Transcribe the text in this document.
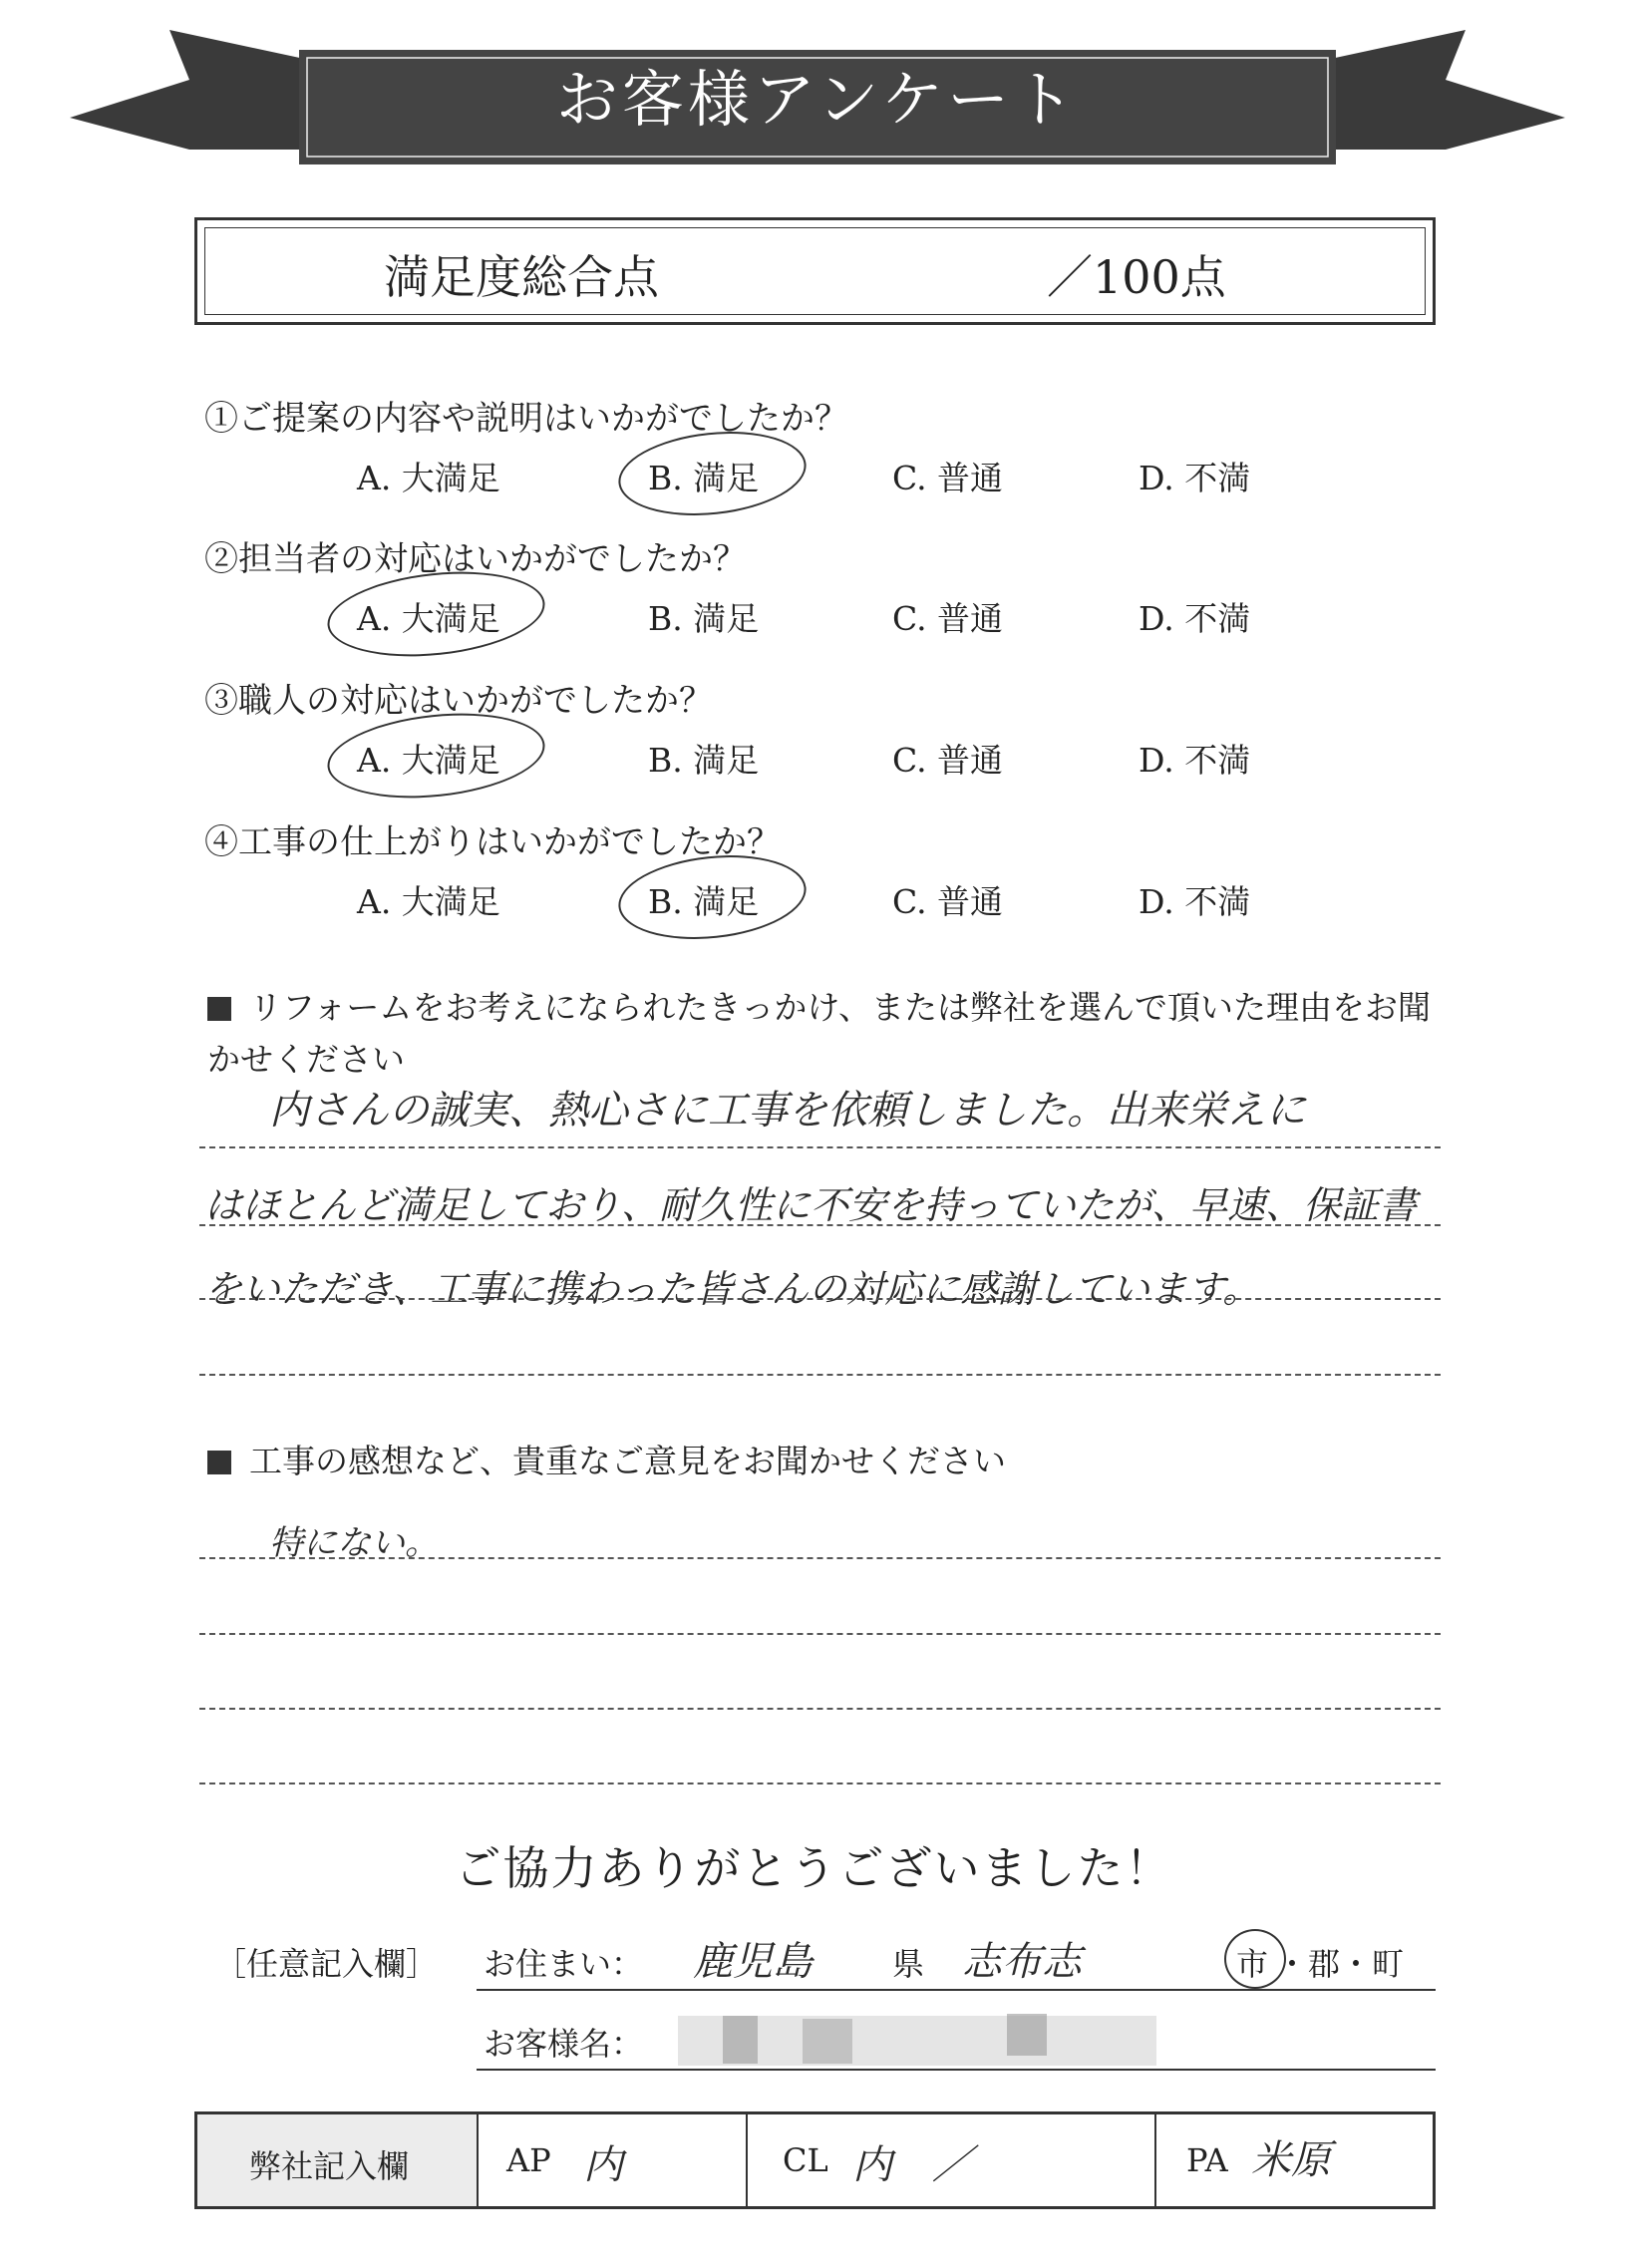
お客様アンケート
満足度総合点	／100点
①ご提案の内容や説明はいかがでしたか？
A. 大満足	B. 満足	C. 普通	D. 不満
②担当者の対応はいかがでしたか？
A. 大満足	B. 満足	C. 普通	D. 不満
③職人の対応はいかがでしたか？
A. 大満足	B. 満足	C. 普通	D. 不満
④工事の仕上がりはいかがでしたか？
A. 大満足	B. 満足	C. 普通	D. 不満
リフォームをお考えになられたきっかけ、または弊社を選んで頂いた理由をお聞かせください
内さんの誠実、熱心さに工事を依頼しました。出来栄えに
はほとんど満足しており、耐久性に不安を持っていたが、早速、保証書
をいただき、工事に携わった皆さんの対応に感謝しています。
工事の感想など、貴重なご意見をお聞かせください
特にない。
ご協力ありがとうございました！
［任意記入欄］ お住まい： 鹿児島	県 志布志	市 ・郡・町
お客様名：
弊社記入欄	AP 内	CL 内　／	PA 米原
